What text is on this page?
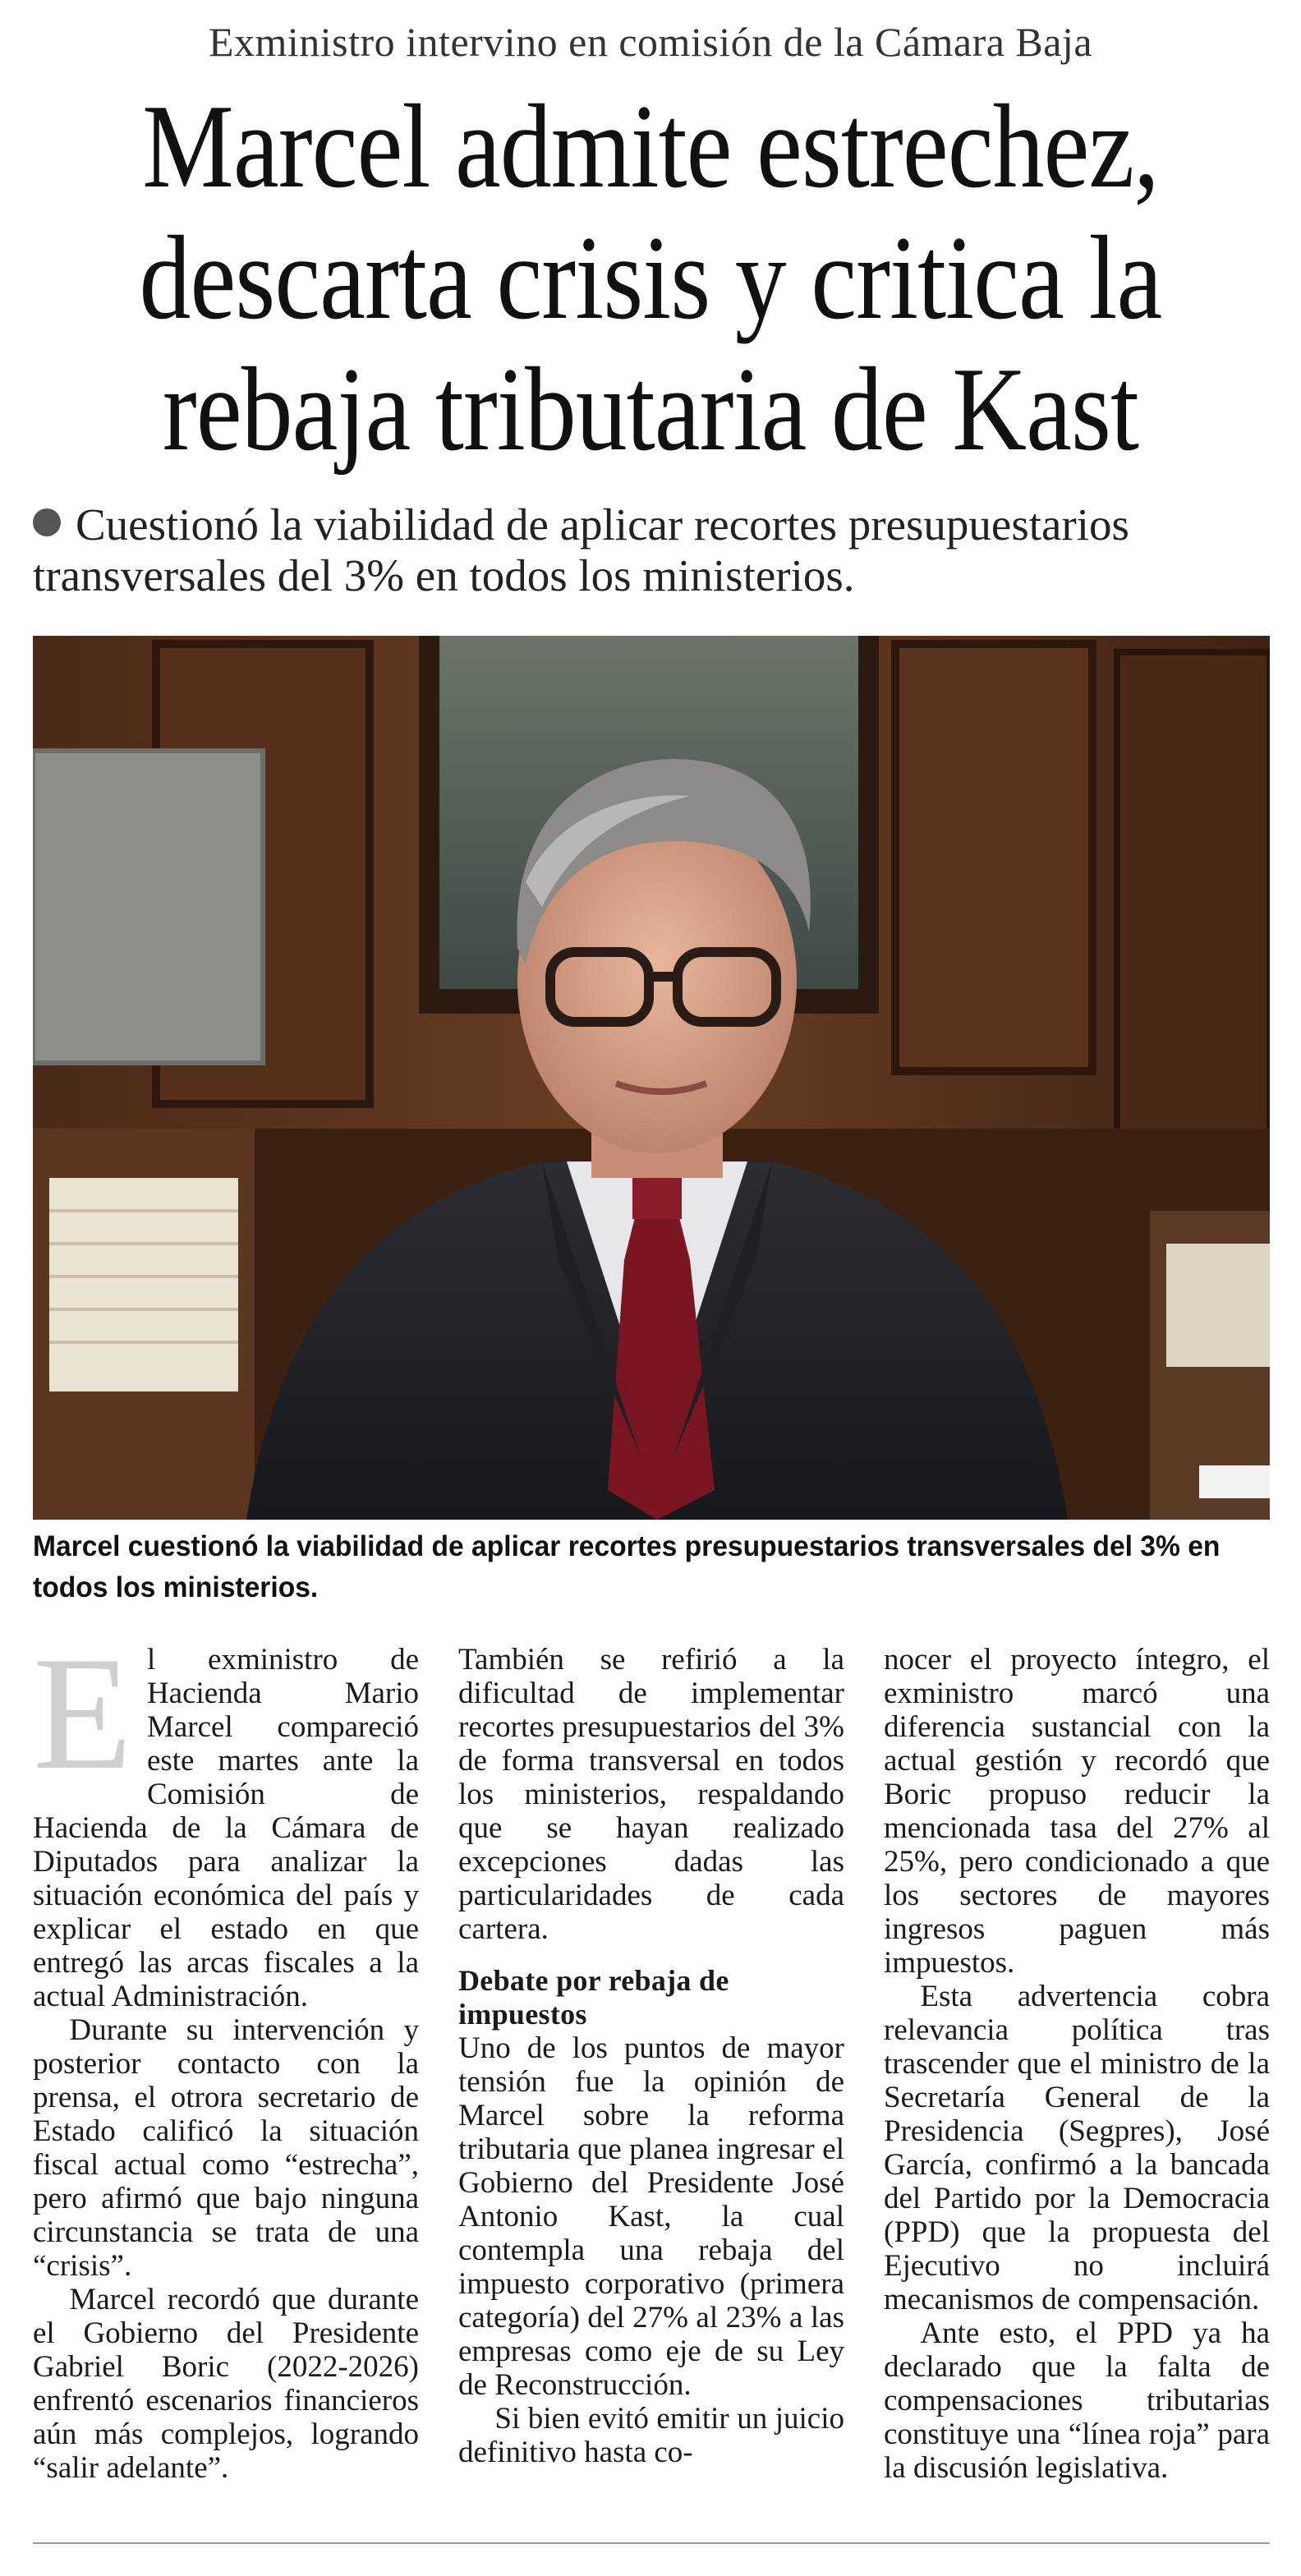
Exministro intervino en comisión de la Cámara Baja
Marcel admite estrechez,
descarta crisis y critica la
rebaja tributaria de Kast
Cuestionó la viabilidad de aplicar recortes presupuestarios transversales del 3% en todos los ministerios.
Marcel cuestionó la viabilidad de aplicar recortes presupuestarios transversales del 3% en todos los ministerios.

El exministro de Hacienda Mario Marcel compareció este martes ante la Comisión de Hacienda de la Cámara de Diputados para analizar la situación económica del país y explicar el estado en que entregó las arcas fiscales a la actual Administración.

Durante su intervención y posterior contacto con la prensa, el otrora secretario de Estado calificó la situación fiscal actual como “estrecha”, pero afirmó que bajo ninguna circunstancia se trata de una “crisis”.

Marcel recordó que durante el Gobierno del Presidente Gabriel Boric (2022-2026) enfrentó escenarios financieros aún más complejos, logrando “salir adelante”.

También se refirió a la dificultad de implementar recortes presupuestarios del 3% de forma transversal en todos los ministerios, respaldando que se hayan realizado excepciones dadas las particularidades de cada cartera.

Debate por rebaja de impuestos

Uno de los puntos de mayor tensión fue la opinión de Marcel sobre la reforma tributaria que planea ingresar el Gobierno del Presidente José Antonio Kast, la cual contempla una rebaja del impuesto corporativo (primera categoría) del 27% al 23% a las empresas como eje de su Ley de Reconstrucción.

Si bien evitó emitir un juicio definitivo hasta co-

nocer el proyecto íntegro, el exministro marcó una diferencia sustancial con la actual gestión y recordó que Boric propuso reducir la mencionada tasa del 27% al 25%, pero condicionado a que los sectores de mayores ingresos paguen más impuestos.

Esta advertencia cobra relevancia política tras trascender que el ministro de la Secretaría General de la Presidencia (Segpres), José García, confirmó a la bancada del Partido por la Democracia (PPD) que la propuesta del Ejecutivo no incluirá mecanismos de compensación.

Ante esto, el PPD ya ha declarado que la falta de compensaciones tributarias constituye una “línea roja” para la discusión legislativa.
